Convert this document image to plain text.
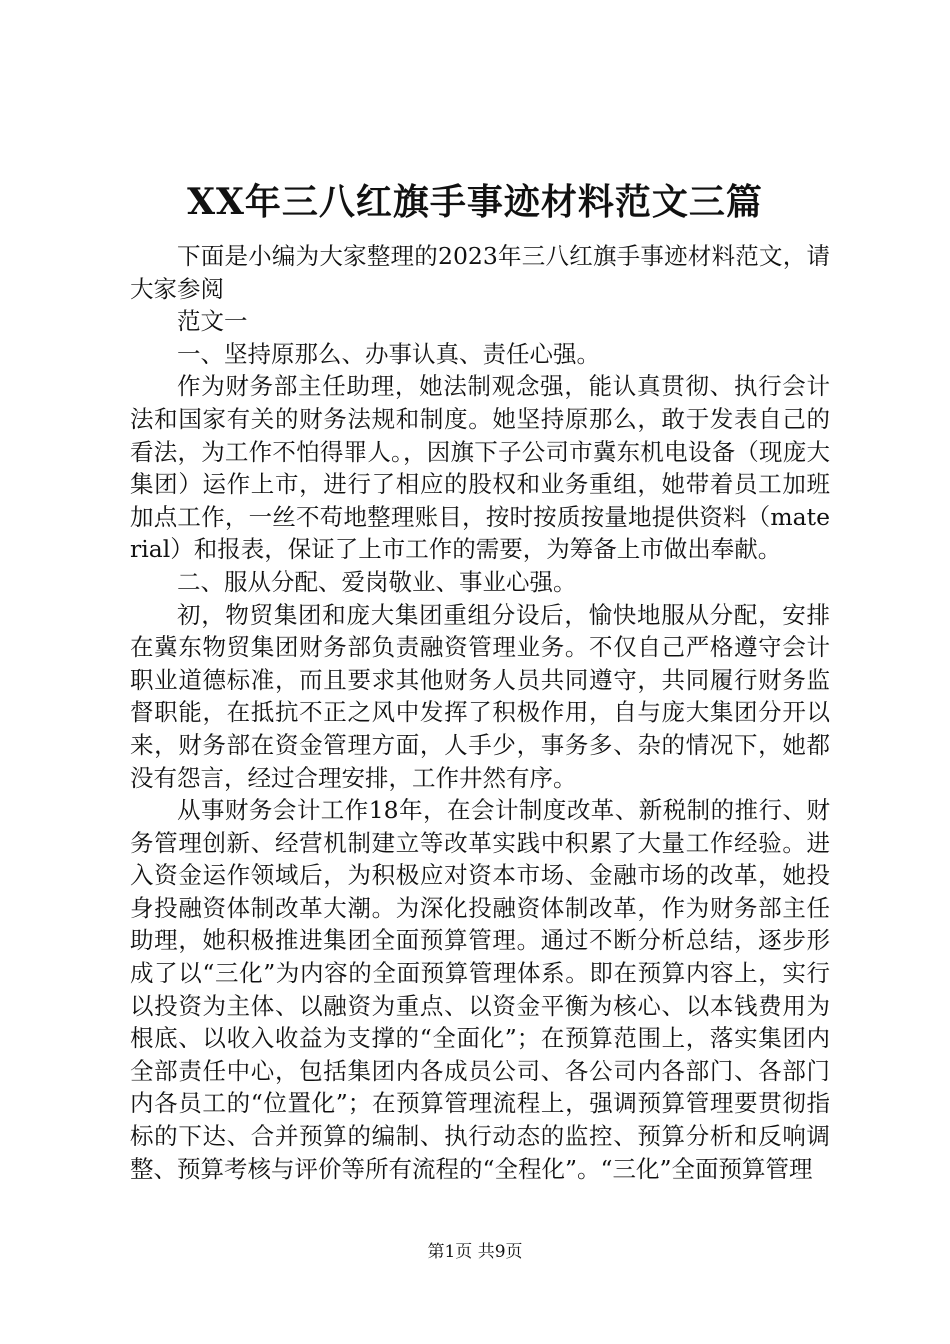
XX年三八红旗手事迹材料范文三篇

下面是小编为大家整理的2023年三八红旗手事迹材料范文，请大家参阅

范文一

一、坚持原那么、办事认真、责任心强。

作为财务部主任助理，她法制观念强，能认真贯彻、执行会计法和国家有关的财务法规和制度。她坚持原那么，敢于发表自己的看法，为工作不怕得罪人。，因旗下子公司市冀东机电设备（现庞大集团）运作上市，进行了相应的股权和业务重组，她带着员工加班加点工作，一丝不苟地整理账目，按时按质按量地提供资料（material）和报表，保证了上市工作的需要，为筹备上市做出奉献。

二、服从分配、爱岗敬业、事业心强。

初，物贸集团和庞大集团重组分设后，愉快地服从分配，安排在冀东物贸集团财务部负责融资管理业务。不仅自己严格遵守会计职业道德标准，而且要求其他财务人员共同遵守，共同履行财务监督职能，在抵抗不正之风中发挥了积极作用，自与庞大集团分开以来，财务部在资金管理方面，人手少，事务多、杂的情况下，她都没有怨言，经过合理安排，工作井然有序。

从事财务会计工作18年，在会计制度改革、新税制的推行、财务管理创新、经营机制建立等改革实践中积累了大量工作经验。进入资金运作领域后，为积极应对资本市场、金融市场的改革，她投身投融资体制改革大潮。为深化投融资体制改革，作为财务部主任助理，她积极推进集团全面预算管理。通过不断分析总结，逐步形成了以“三化”为内容的全面预算管理体系。即在预算内容上，实行以投资为主体、以融资为重点、以资金平衡为核心、以本钱费用为根底、以收入收益为支撑的“全面化”；在预算范围上，落实集团内全部责任中心，包括集团内各成员公司、各公司内各部门、各部门内各员工的“位置化”；在预算管理流程上，强调预算管理要贯彻指标的下达、合并预算的编制、执行动态的监控、预算分析和反响调整、预算考核与评价等所有流程的“全程化”。“三化”全面预算管理

第1页 共9页
